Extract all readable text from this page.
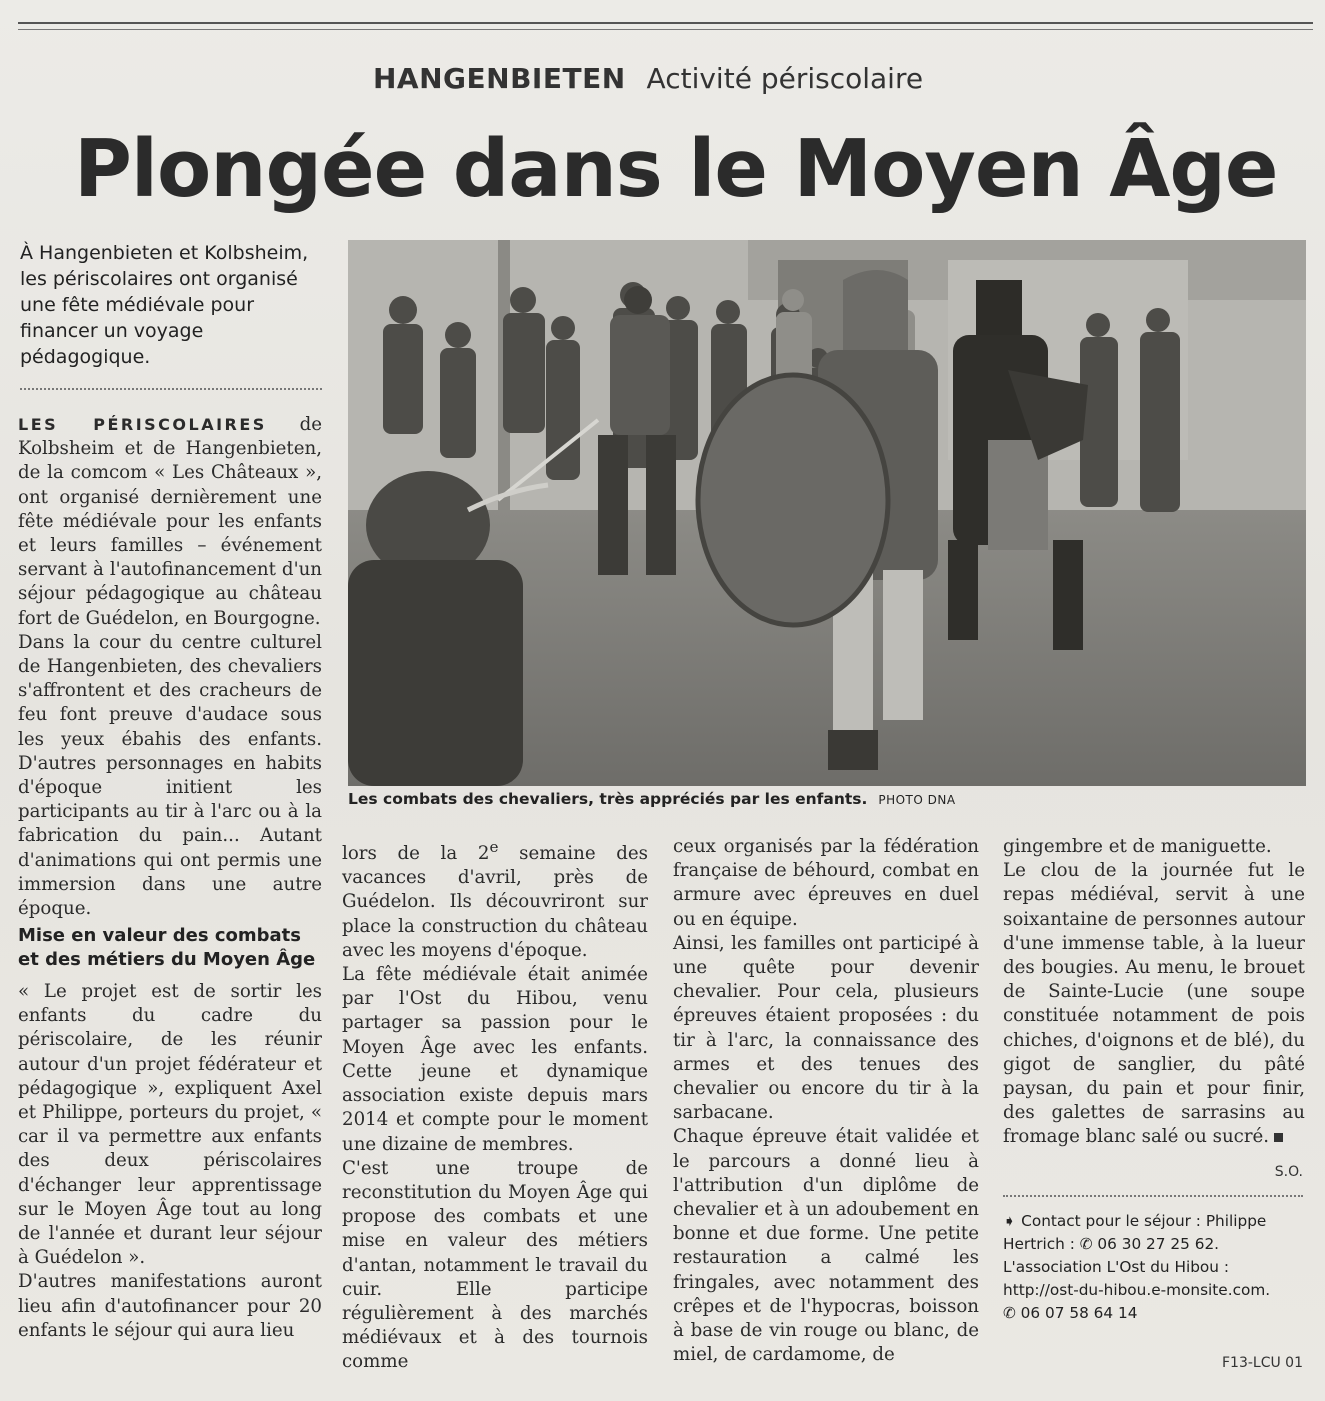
HANGENBIETEN Activité périscolaire
Plongée dans le Moyen Âge
À Hangenbieten et Kolbsheim, les périscolaires ont organisé une fête médiévale pour financer un voyage pédagogique.
Les combats des chevaliers, très appréciés par les enfants. PHOTO DNA

LES PÉRISCOLAIRES de Kolbsheim et de Hangenbieten, de la comcom « Les Châteaux », ont organisé dernièrement une fête médiévale pour les enfants et leurs familles – événement servant à l'autofinancement d'un séjour pédagogique au château fort de Guédelon, en Bourgogne.

Dans la cour du centre culturel de Hangenbieten, des chevaliers s'affrontent et des cracheurs de feu font preuve d'audace sous les yeux ébahis des enfants. D'autres personnages en habits d'époque initient les participants au tir à l'arc ou à la fabrication du pain... Autant d'animations qui ont permis une immersion dans une autre époque.

Mise en valeur des combats et des métiers du Moyen Âge

« Le projet est de sortir les enfants du cadre du périscolaire, de les réunir autour d'un projet fédérateur et pédagogique », expliquent Axel et Philippe, porteurs du projet, « car il va permettre aux enfants des deux périscolaires d'échanger leur apprentissage sur le Moyen Âge tout au long de l'année et durant leur séjour à Guédelon ».

D'autres manifestations auront lieu afin d'autofinancer pour 20 enfants le séjour qui aura lieu

lors de la 2e semaine des vacances d'avril, près de Guédelon. Ils découvriront sur place la construction du château avec les moyens d'époque.

La fête médiévale était animée par l'Ost du Hibou, venu partager sa passion pour le Moyen Âge avec les enfants. Cette jeune et dynamique association existe depuis mars 2014 et compte pour le moment une dizaine de membres.

C'est une troupe de reconstitution du Moyen Âge qui propose des combats et une mise en valeur des métiers d'antan, notamment le travail du cuir. Elle participe régulièrement à des marchés médiévaux et à des tournois comme

ceux organisés par la fédération française de béhourd, combat en armure avec épreuves en duel ou en équipe.

Ainsi, les familles ont participé à une quête pour devenir chevalier. Pour cela, plusieurs épreuves étaient proposées : du tir à l'arc, la connaissance des armes et des tenues des chevalier ou encore du tir à la sarbacane.

Chaque épreuve était validée et le parcours a donné lieu à l'attribution d'un diplôme de chevalier et à un adoubement en bonne et due forme. Une petite restauration a calmé les fringales, avec notamment des crêpes et de l'hypocras, boisson à base de vin rouge ou blanc, de miel, de cardamome, de

gingembre et de maniguette.

Le clou de la journée fut le repas médiéval, servit à une soixantaine de personnes autour d'une immense table, à la lueur des bougies. Au menu, le brouet de Sainte-Lucie (une soupe constituée notamment de pois chiches, d'oignons et de blé), du gigot de sanglier, du pâté paysan, du pain et pour finir, des galettes de sarrasins au fromage blanc salé ou sucré.

S.O.
➧ Contact pour le séjour : Philippe Hertrich : ✆ 06 30 27 25 62.
L'association L'Ost du Hibou :
http://ost-du-hibou.e-monsite.com.
✆ 06 07 58 64 14
F13-LCU 01
